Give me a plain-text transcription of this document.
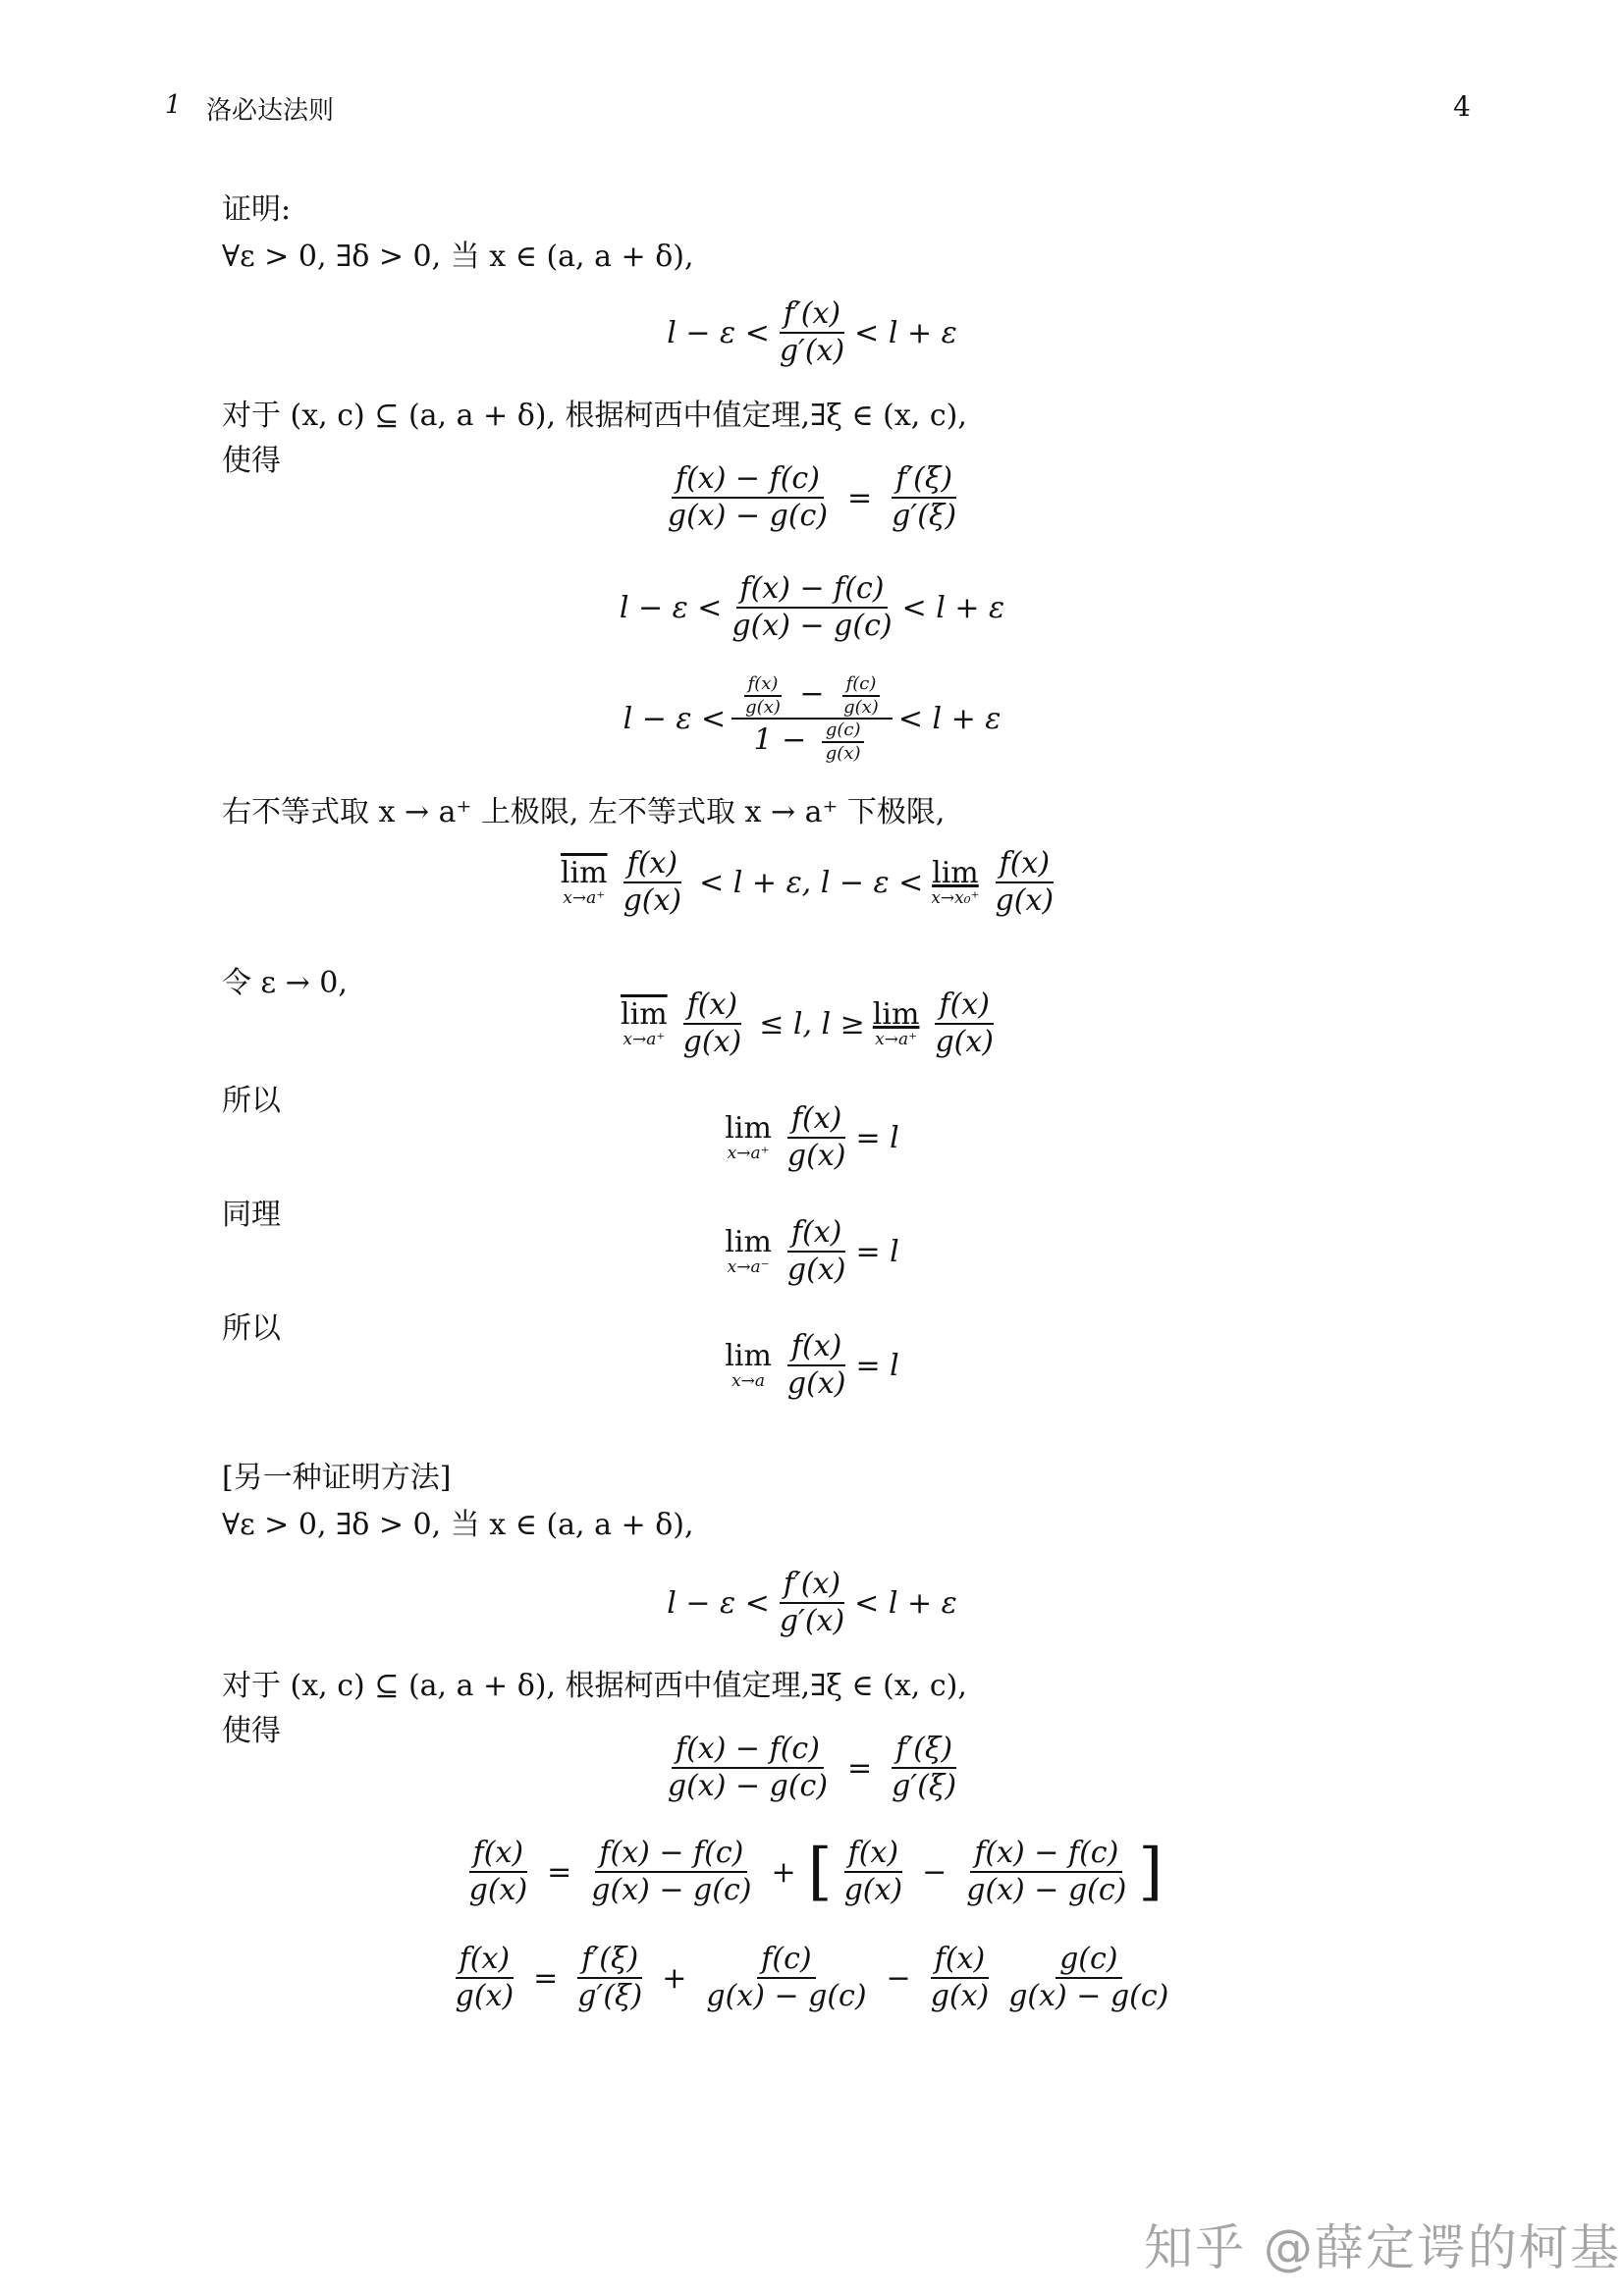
1 洛必达法则	4
证明:
∀ε > 0, ∃δ > 0, 当 x ∈ (a, a + δ),
l − ε <
f′(x)
g′(x)
< l + ε
对于 (x, c) ⊆ (a, a + δ), 根据柯西中值定理,∃ξ ∈ (x, c),
使得
$\frac{f(x) - f(c)}{g(x) - g(c)} = \frac{f'(\xi)}{g'(\xi)}$
l − ε <
f(x) − f(c)
g(x) − g(c)
< l + ε
l − ε <
$\frac{f(x)}{g(x)} - \frac{f(c)}{g(x)}$
$1 - \frac{g(c)}{g(x)}$
< l + ε
右不等式取 x → a⁺ 上极限, 左不等式取 x → a⁺ 下极限,
$\overline{lim}$
x→a⁺
f(x)
g(x)
< l + ε, l − ε < lim
x→x₀⁺
f(x)
g(x)
令 ε → 0,
$\overline{lim}$
$x\to a^+ \frac{f(x)}{g(x)} \le l$, l ≥ lim
x→a⁺
f(x)
g(x)
所以
lim
$x\to a^+ \frac{f(x)}{g(x)} = l$
同理
lim
$x\to a^- \frac{f(x)}{g(x)} = l$
所以
lim
$x\to a \frac{f(x)}{g(x)} = l$
[另一种证明方法]
∀ε > 0, ∃δ > 0, 当 x ∈ (a, a + δ),
l − ε <
f′(x)
g′(x)
< l + ε
对于 (x, c) ⊆ (a, a + δ), 根据柯西中值定理,∃ξ ∈ (x, c),
使得
$\frac{f(x) - f(c)}{g(x) - g(c)} = \frac{f'(\xi)}{g'(\xi)}$
$\frac{f(x)}{g(x)} = \frac{f(x) - f(c)}{g(x) - g(c)}$ + [ f(x)
g(x)
− $\frac{f(x) - f(c)}{g(x) - g(c)}$ ]
$\frac{f(x)}{g(x)} = \frac{f'(\xi)}{g'(\xi)} + \frac{f(c)}{g(x) - g(c)} - \frac{f(x)}{g(x)} g(c)$
g(x) − g(c)
知乎 @薛定谔的柯基
